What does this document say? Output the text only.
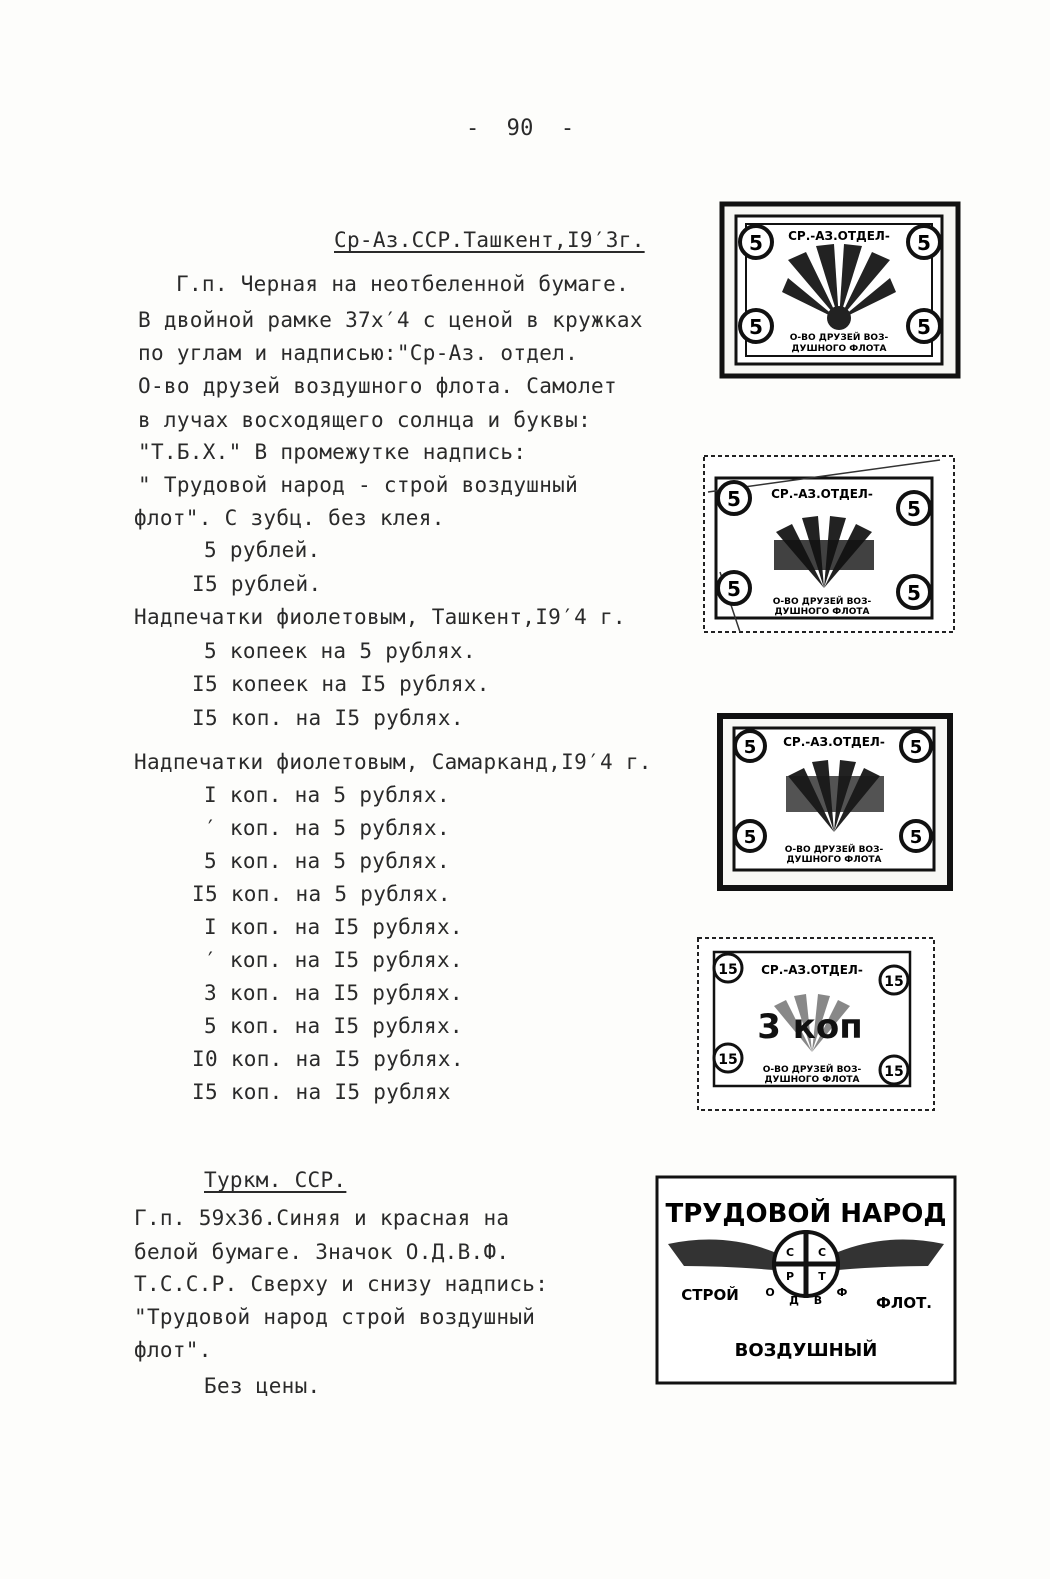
-  90  -
Ср-Аз.ССР.Ташкент,I9′3г.
Г.п. Черная на неотбеленной бумаге.
В двойной рамке 37х′4 с ценой в кружках
по углам и надписью:"Ср-Аз. отдел.
О-во друзей воздушного флота. Самолет
в лучах восходящего солнца и буквы:
"Т.Б.Х." В промежутке надпись:
" Трудовой народ - строй воздушный
флот". С зубц. без клея.
5 рублей.
I5 рублей.
Надпечатки фиолетовым, Ташкент,I9′4 г.
5 копеек на 5 рублях.
I5 копеек на I5 рублях.
I5 коп. на I5 рублях.
Надпечатки фиолетовым, Самарканд,I9′4 г.
I коп. на 5 рублях.
′ коп. на 5 рублях.
5 коп. на 5 рублях.
I5 коп. на 5 рублях.
I коп. на I5 рублях.
′ коп. на I5 рублях.
3 коп. на I5 рублях.
5 коп. на I5 рублях.
I0 коп. на I5 рублях.
I5 коп. на I5 рублях
Туркм. ССР.
Г.п. 59х36.Синяя и красная на
белой бумаге. Значок О.Д.В.Ф.
Т.С.С.Р. Сверху и снизу надпись:
"Трудовой народ строй воздушный
флот".
Без цены.
5	5
5	5
СР.-АЗ.ОТДЕЛ-
О-ВО ДРУЗЕЙ ВОЗ-
ДУШНОГО ФЛОТА
5	5
5	5
СР.-АЗ.ОТДЕЛ-
О-ВО ДРУЗЕЙ ВОЗ-
ДУШНОГО ФЛОТА
5	5
5	5
СР.-АЗ.ОТДЕЛ-
О-ВО ДРУЗЕЙ ВОЗ-
ДУШНОГО ФЛОТА
15
15
15
15
СР.-АЗ.ОТДЕЛ-
3 коп
О-ВО ДРУЗЕЙ ВОЗ-
ДУШНОГО ФЛОТА
ТРУДОВОЙ НАРОД
С С
Р Т
О
Д В
Ф
СТРОЙ	ФЛОТ.
ВОЗДУШНЫЙ
